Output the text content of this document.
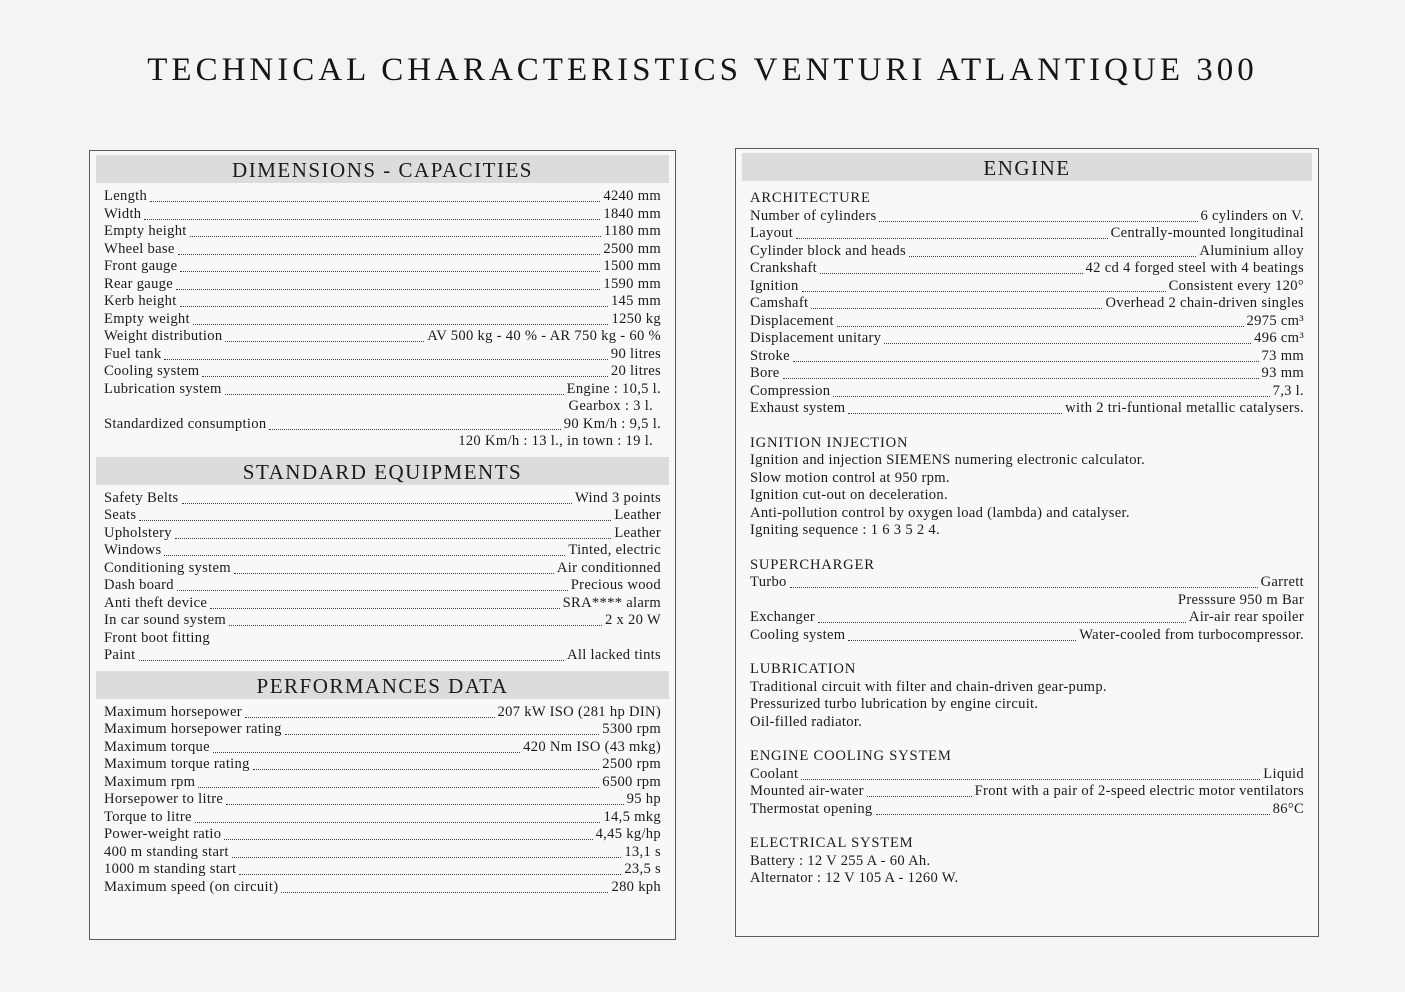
TECHNICAL CHARACTERISTICS VENTURI ATLANTIQUE 300
DIMENSIONS - CAPACITIES
Length	4240 mm
Width	1840 mm
Empty height	1180 mm
Wheel base	2500 mm
Front gauge	1500 mm
Rear gauge	1590 mm
Kerb height	145 mm
Empty weight	1250 kg
Weight distribution	AV 500 kg - 40 % - AR 750 kg - 60 %
Fuel tank	90 litres
Cooling system	20 litres
Lubrication system	Engine : 10,5 l.
Gearbox : 3 l.
Standardized consumption	90 Km/h : 9,5 l.
120 Km/h : 13 l., in town : 19 l.
STANDARD EQUIPMENTS
Safety Belts	Wind 3 points
Seats	Leather
Upholstery	Leather
Windows	Tinted, electric
Conditioning system	Air conditionned
Dash board	Precious wood
Anti theft device	SRA**** alarm
In car sound system	2 x 20 W
Front boot fitting
Paint	All lacked tints
PERFORMANCES DATA
Maximum horsepower	207 kW ISO (281 hp DIN)
Maximum horsepower rating	5300 rpm
Maximum torque	420 Nm ISO (43 mkg)
Maximum torque rating	2500 rpm
Maximum rpm	6500 rpm
Horsepower to litre	95 hp
Torque to litre	14,5 mkg
Power-weight ratio	4,45 kg/hp
400 m standing start	13,1 s
1000 m standing start	23,5 s
Maximum speed (on circuit)	280 kph
ENGINE
ARCHITECTURE
Number of cylinders	6 cylinders on V.
Layout	Centrally-mounted longitudinal
Cylinder block and heads	Aluminium alloy
Crankshaft	42 cd 4 forged steel with 4 beatings
Ignition	Consistent every 120°
Camshaft	Overhead 2 chain-driven singles
Displacement	2975 cm³
Displacement unitary	496 cm³
Stroke	73 mm
Bore	93 mm
Compression	7,3 l.
Exhaust system	with 2 tri-funtional metallic catalysers.
IGNITION INJECTION
Ignition and injection SIEMENS numering electronic calculator.
Slow motion control at 950 rpm.
Ignition cut-out on deceleration.
Anti-pollution control by oxygen load (lambda) and catalyser.
Igniting sequence : 1 6 3 5 2 4.
SUPERCHARGER
Turbo	Garrett
Presssure 950 m Bar
Exchanger	Air-air rear spoiler
Cooling system	Water-cooled from turbocompressor.
LUBRICATION
Traditional circuit with filter and chain-driven gear-pump.
Pressurized turbo lubrication by engine circuit.
Oil-filled radiator.
ENGINE COOLING SYSTEM
Coolant	Liquid
Mounted air-water	Front with a pair of 2-speed electric motor ventilators
Thermostat opening	86°C
ELECTRICAL SYSTEM
Battery : 12 V 255 A - 60 Ah.
Alternator : 12 V 105 A - 1260 W.
